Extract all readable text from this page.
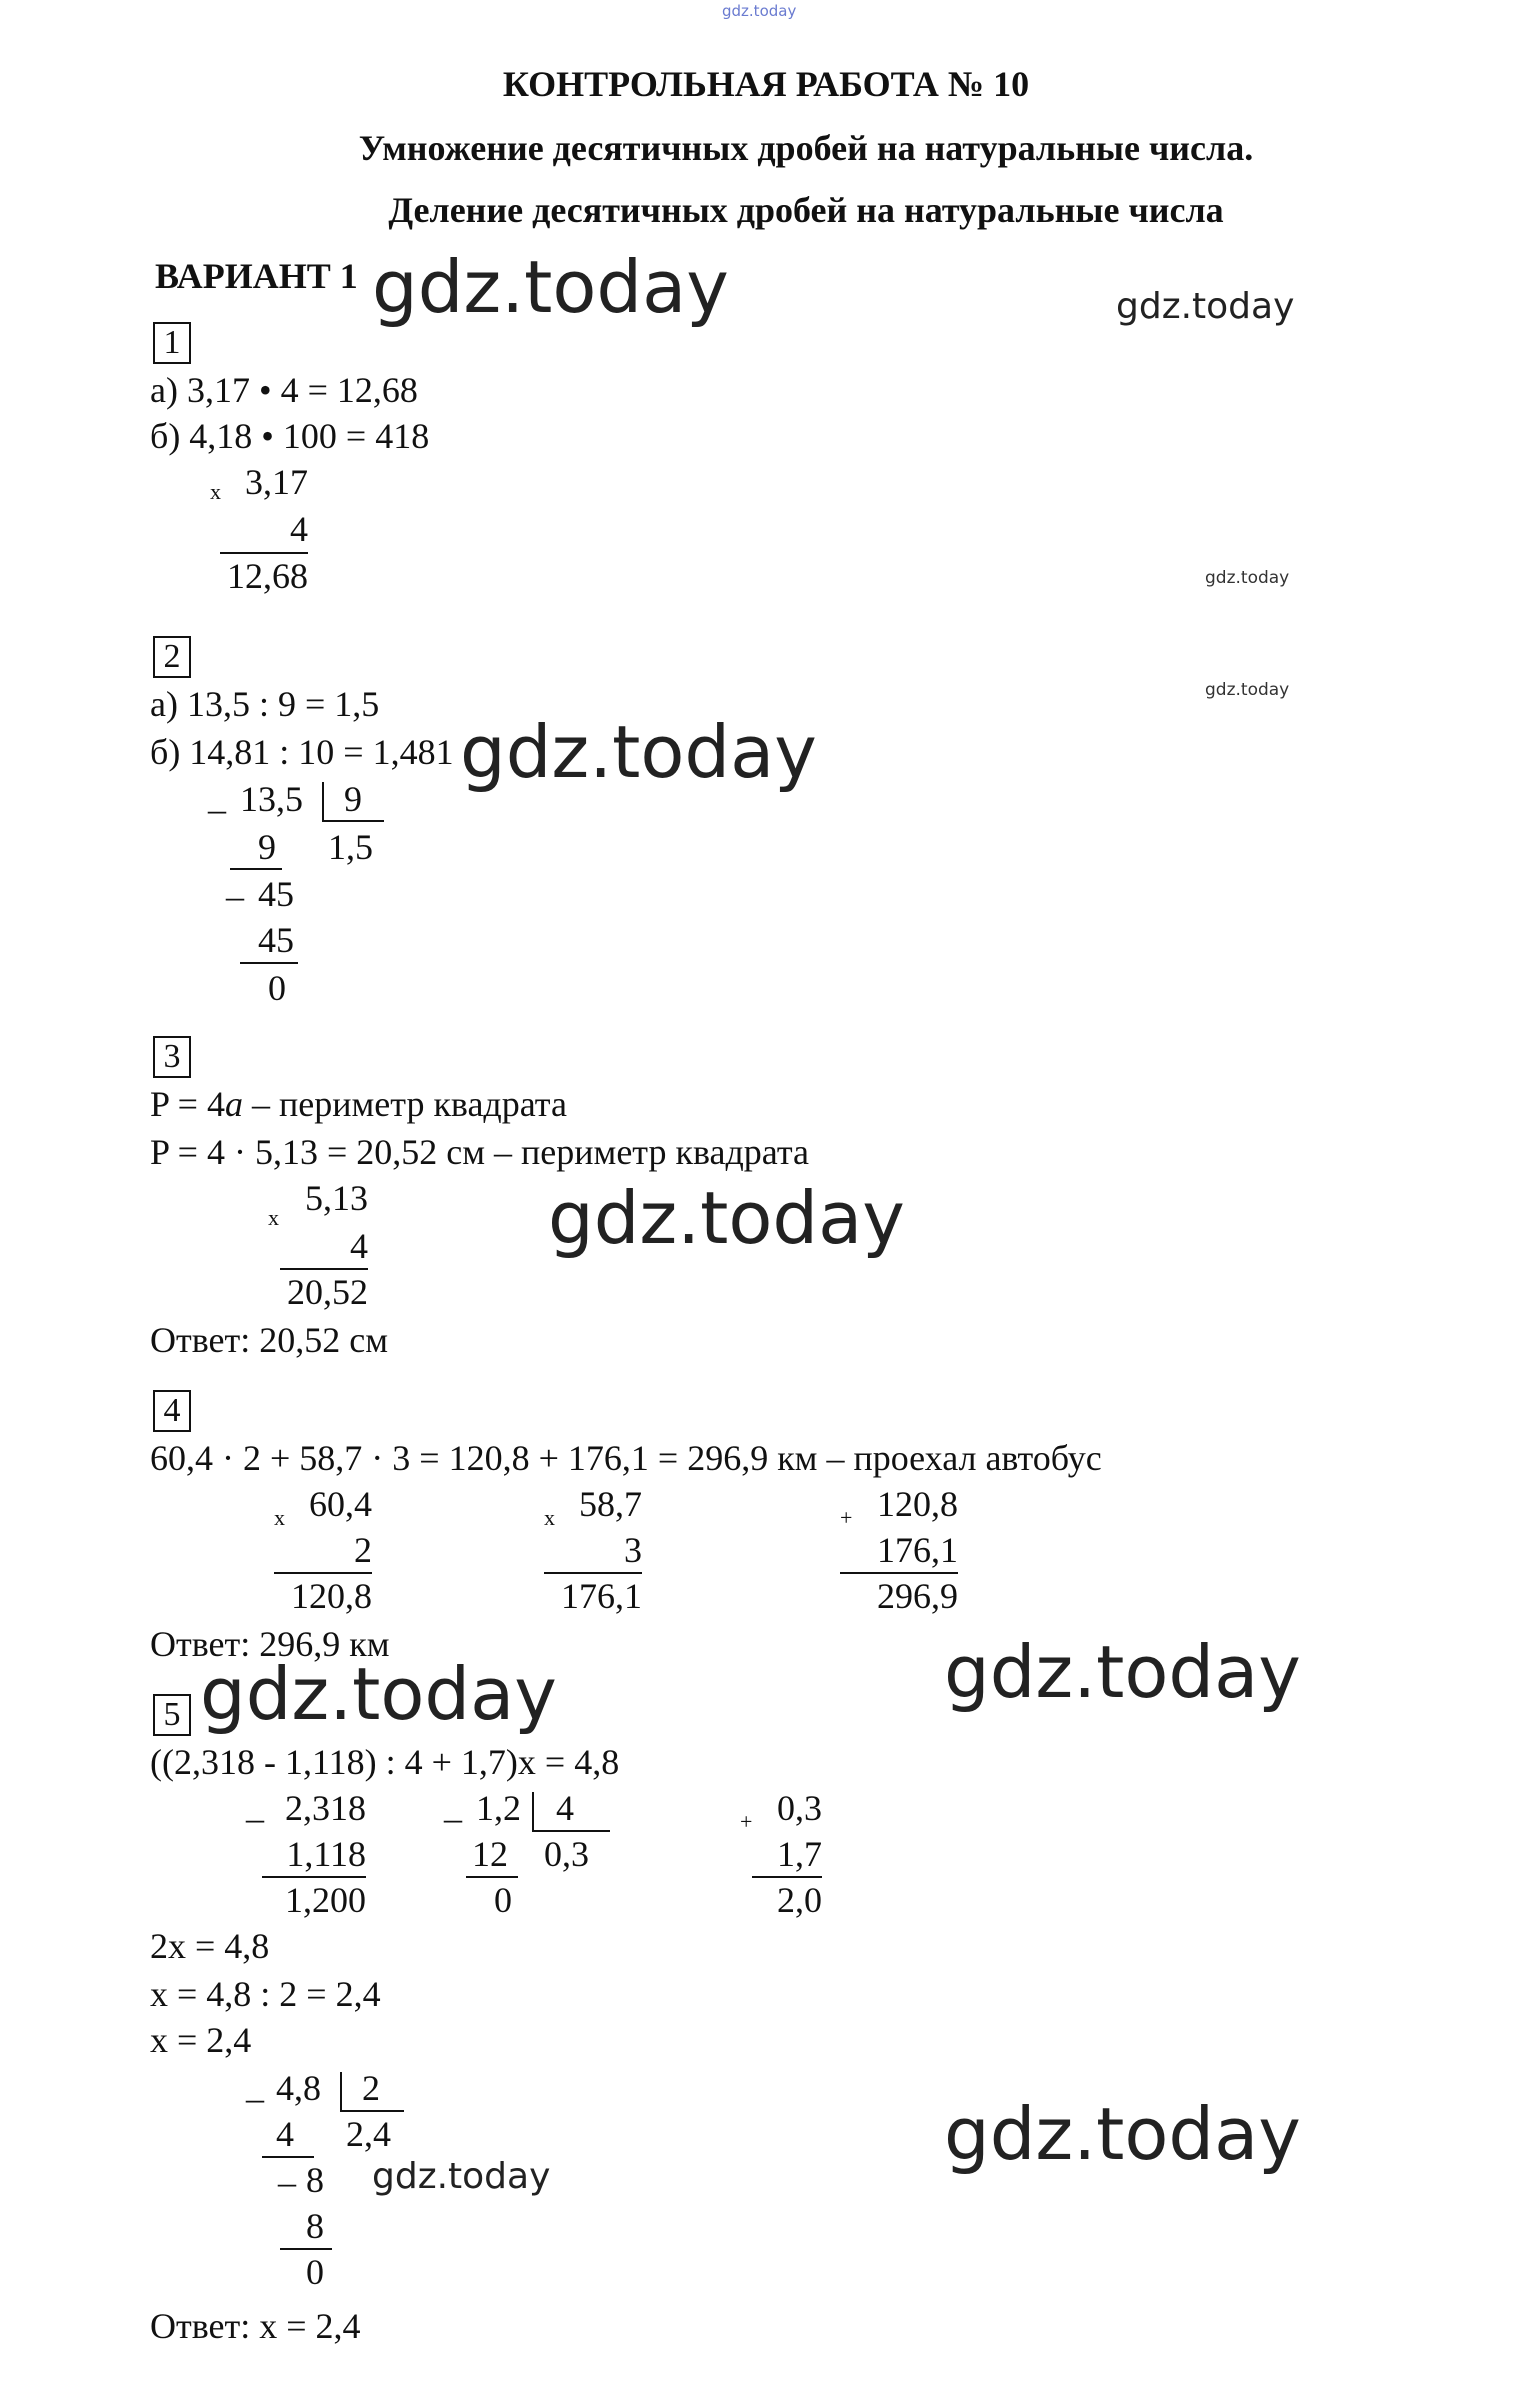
gdz.today
КОНТРОЛЬНАЯ РАБОТА № 10
Умножение десятичных дробей на натуральные числа.
Деление десятичных дробей на натуральные числа
ВАРИАНТ 1 gdz.today	gdz.today
1
а) 3,17 • 4 = 12,68
б) 4,18 • 100 = 418
x 3,17
4
12,68	gdz.today
gdz.today
2
а) 13,5 : 9 = 1,5
б) 14,81 : 10 = 1,481 gdz.today
_ 13,5 9
1,5
9
_ 45
45
0
3
P = 4a – периметр квадрата
P = 4 · 5,13 = 20,52 см – периметр квадрата
x 5,13
4
20,52
gdz.today
Ответ: 20,52 см
4
60,4 · 2 + 58,7 · 3 = 120,8 + 176,1 = 296,9 км – проехал автобус
x 60,4
2
120,8
x 58,7
3
176,1
+ 120,8
176,1
296,9
Ответ: 296,9 км	gdz.today
5 gdz.today
((2,318 - 1,118) : 4 + 1,7)x = 4,8
_ 2,318
1,118
1,200
_ 1,2 4
12 0,3
0
+ 0,3
1,7
2,0
2x = 4,8
x = 4,8 : 2 = 2,4
x = 2,4
_ 4,8 2
4 2,4
_ 8
8
0
gdz.today
gdz.today
Ответ: x = 2,4
